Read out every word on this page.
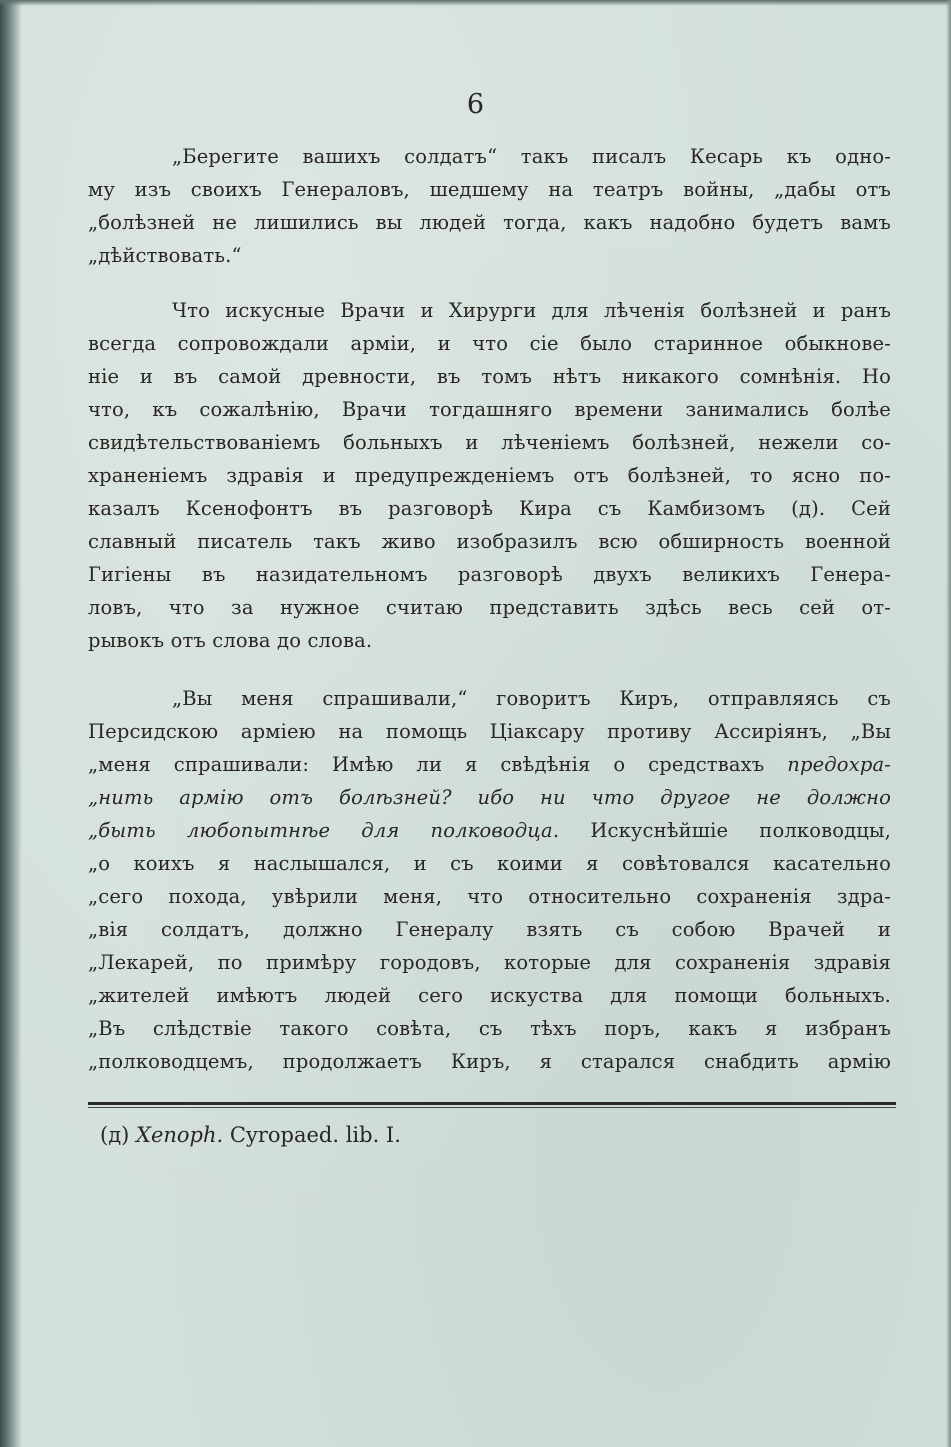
6
„Берегите вашихъ солдатъ“ такъ писалъ Кесарь къ одно-
му изъ своихъ Генераловъ, шедшему на театръ войны, „дабы отъ
„болѣзней не лишились вы людей тогда, какъ надобно будетъ вамъ
„дѣйствовать.“
Что искусные Врачи и Хирурги для лѣченія болѣзней и ранъ
всегда сопровождали арміи, и что сіе было старинное обыкнове-
ніе и въ самой древности, въ томъ нѣтъ никакого сомнѣнія. Но
что, къ сожалѣнію, Врачи тогдашняго времени занимались болѣе
свидѣтельствованіемъ больныхъ и лѣченіемъ болѣзней, нежели со-
храненіемъ здравія и предупрежденіемъ отъ болѣзней, то ясно по-
казалъ Ксенофонтъ въ разговорѣ Кира съ Камбизомъ (д). Сей
славный писатель такъ живо изобразилъ всю обширность военной
Гигіены въ назидательномъ разговорѣ двухъ великихъ Генера-
ловъ, что за нужное считаю представить здѣсь весь сей от-
рывокъ отъ слова до слова.
„Вы меня спрашивали,“ говоритъ Киръ, отправляясь съ
Персидскою арміею на помощь Ціаксару противу Ассиріянъ, „Вы
„меня спрашивали: Имѣю ли я свѣдѣнія о средствахъ предохра-
„нить армію отъ болѣзней? ибо ни что другое не должно
„быть любопытнѣе для полководца. Искуснѣйшіе полководцы,
„о коихъ я наслышался, и съ коими я совѣтовался касательно
„сего похода, увѣрили меня, что относительно сохраненія здра-
„вія солдатъ, должно Генералу взять съ собою Врачей и
„Лекарей, по примѣру городовъ, которые для сохраненія здравія
„жителей имѣютъ людей сего искуства для помощи больныхъ.
„Въ слѣдствіе такого совѣта, съ тѣхъ поръ, какъ я избранъ
„полководцемъ, продолжаетъ Киръ, я старался снабдить армію
(д) Xenoph. Cyropaed. lib. I.
